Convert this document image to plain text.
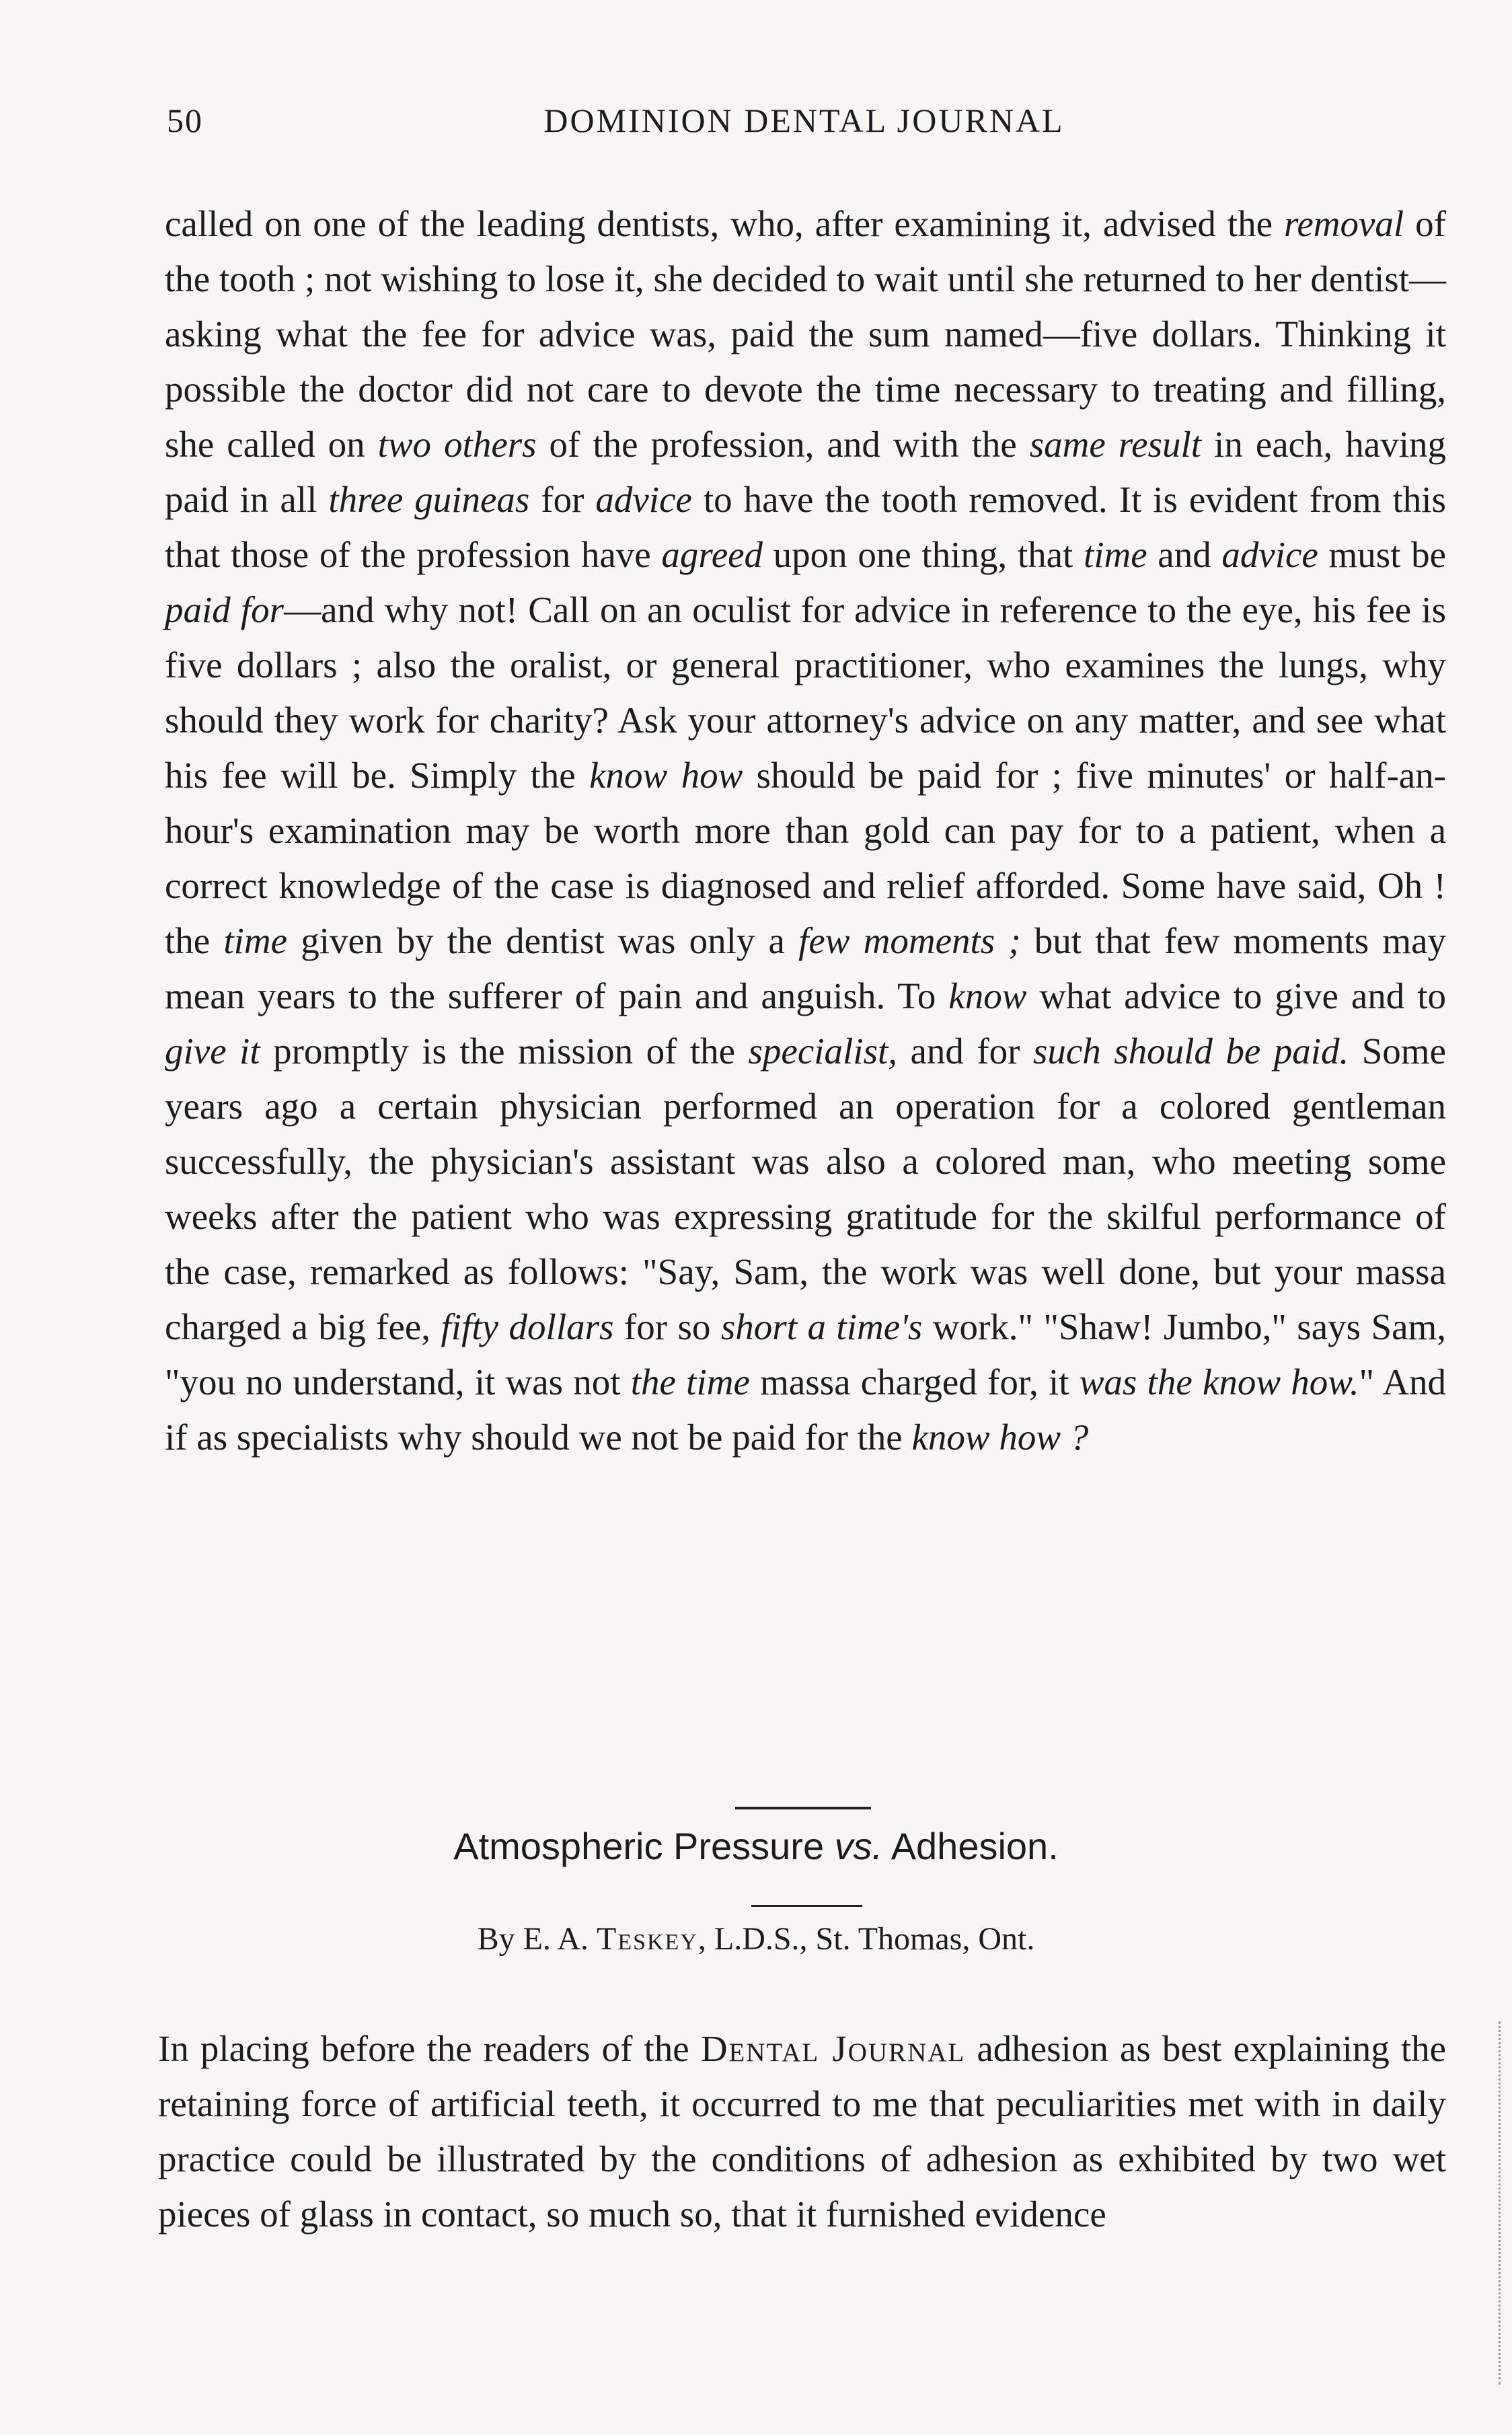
50	DOMINION DENTAL JOURNAL

called on one of the leading dentists, who, after examining it, advised the removal of the tooth ; not wishing to lose it, she decided to wait until she returned to her dentist—asking what the fee for advice was, paid the sum named—five dollars. Thinking it possible the doctor did not care to devote the time necessary to treating and filling, she called on two others of the profession, and with the same result in each, having paid in all three guineas for advice to have the tooth removed. It is evident from this that those of the profession have agreed upon one thing, that time and advice must be paid for—and why not! Call on an oculist for advice in reference to the eye, his fee is five dollars ; also the oralist, or general practitioner, who examines the lungs, why should they work for charity? Ask your attorney's advice on any matter, and see what his fee will be. Simply the know how should be paid for ; five minutes' or half-an-hour's examination may be worth more than gold can pay for to a patient, when a correct knowledge of the case is diagnosed and relief afforded. Some have said, Oh ! the time given by the dentist was only a few moments ; but that few moments may mean years to the sufferer of pain and anguish. To know what advice to give and to give it promptly is the mission of the specialist, and for such should be paid. Some years ago a certain physician performed an operation for a colored gentleman successfully, the physician's assistant was also a colored man, who meeting some weeks after the patient who was expressing gratitude for the skilful performance of the case, remarked as follows: "Say, Sam, the work was well done, but your massa charged a big fee, fifty dollars for so short a time's work." "Shaw! Jumbo," says Sam, "you no understand, it was not the time massa charged for, it was the know how." And if as specialists why should we not be paid for the know how ?

Atmospheric Pressure vs. Adhesion.

By E. A. Teskey, L.D.S., St. Thomas, Ont.

In placing before the readers of the Dental Journal adhesion as best explaining the retaining force of artificial teeth, it occurred to me that peculiarities met with in daily practice could be illustrated by the conditions of adhesion as exhibited by two wet pieces of glass in contact, so much so, that it furnished evidence
